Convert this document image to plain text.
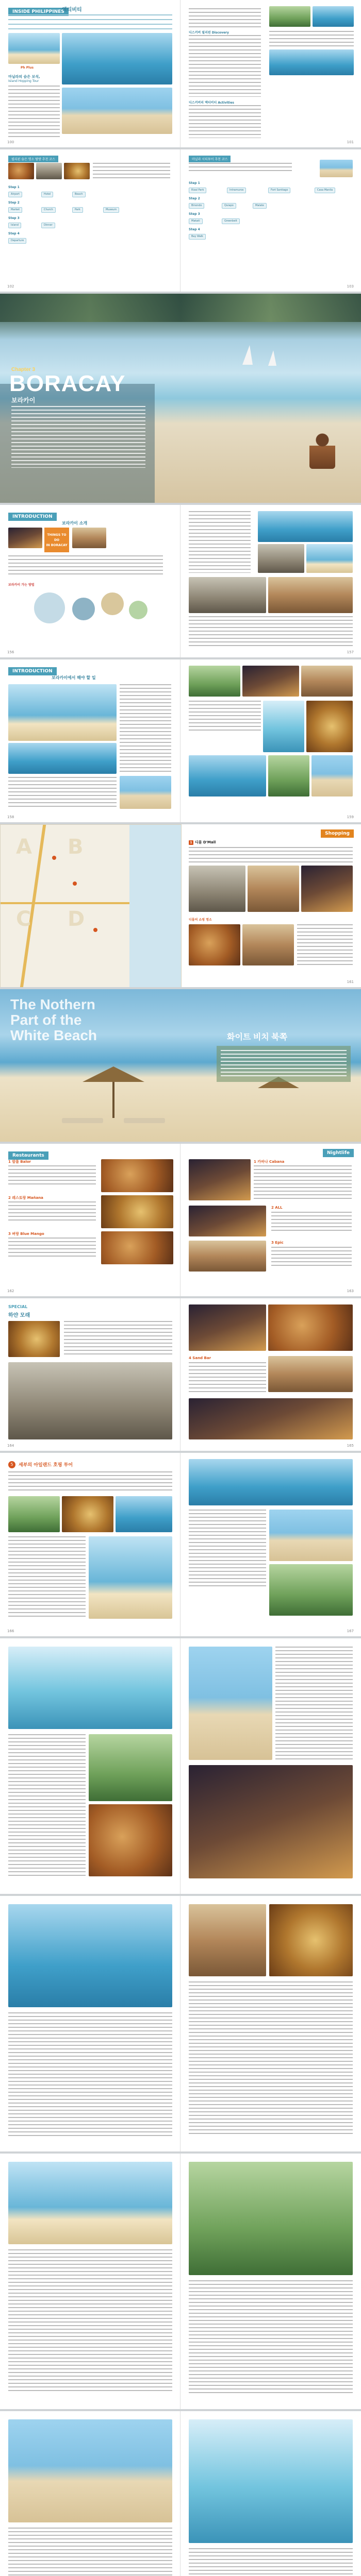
INSIDE PHILIPPINES
액티비티
Ph Plus
마닐라의 숨은 보석,
Island Hopping Tour
100
디스커버 필리핀 Discovery
디스커버리 액티비티 Activities
101
필리핀 숨은 명소 탐방 추천 코스
Step 1
Airport	Hotel	Beach
Step 2
Market	Church	Park	Museum
Step 3
Island	Dinner
Step 4
Departure
102
마닐라 시티투어 추천 코스
Step 1
Rizal Park	Intramuros	Fort Santiago	Casa Manila
Step 2
Binondo	Quiapo	Malate
Step 3
Makati	Greenbelt
Step 4
Bay Walk
103
Chapter 3
BORACAY
보라카이
INTRODUCTION
보라카이 소개
THINGS TO DO
IN BORACAY
보라카이 가는 방법
156	157
INTRODUCTION
보라카이에서 해야 할 일
158	159
A B
C D
Shopping
1 디몰 D'Mall
디몰의 쇼핑 명소
161
The Nothern
Part of the
White Beach	화이트 비치 북쪽
Restaurants
1 발롤 Balor
2 레스토랑 Mañana
3 벼랑 Blue Mango
162
Nightlife
1 카바나 Cabana
2 ALL
3 Epic
163
SPECIAL
하얀 모래
164
4 Sand Bar
165
5	세부의 아일랜드 호핑 투어
166	167
